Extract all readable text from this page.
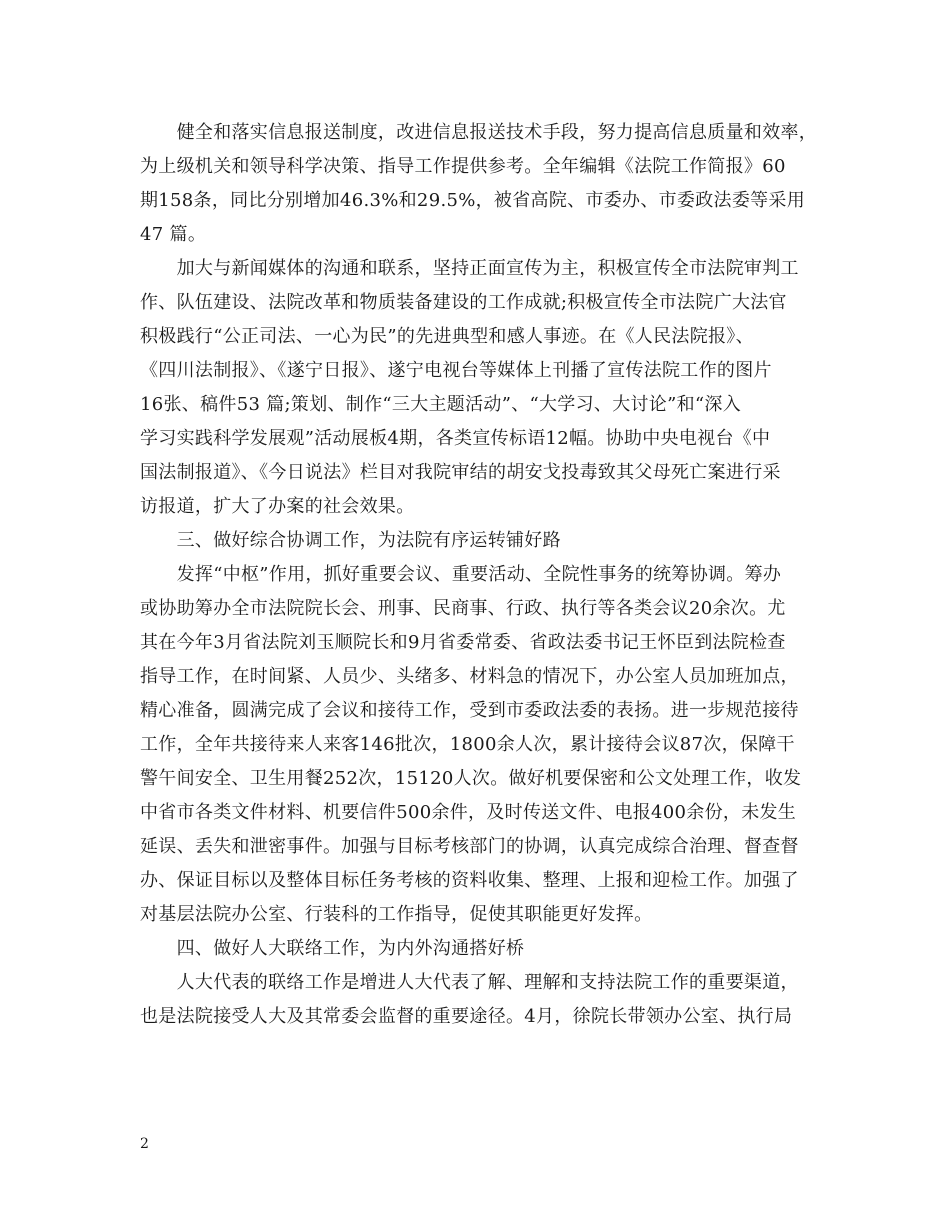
　　健全和落实信息报送制度，改进信息报送技术手段，努力提高信息质量和效率，
为上级机关和领导科学决策、指导工作提供参考。全年编辑《法院工作简报》60
期158条，同比分别增加46.3%和29.5%，被省高院、市委办、市委政法委等采用
47 篇。
　　加大与新闻媒体的沟通和联系，坚持正面宣传为主，积极宣传全市法院审判工
作、队伍建设、法院改革和物质装备建设的工作成就;积极宣传全市法院广大法官
积极践行“公正司法、一心为民”的先进典型和感人事迹。在《人民法院报》、
《四川法制报》、《遂宁日报》、遂宁电视台等媒体上刊播了宣传法院工作的图片
16张、稿件53 篇;策划、制作“三大主题活动”、“大学习、大讨论”和“深入
学习实践科学发展观”活动展板4期，各类宣传标语12幅。协助中央电视台《中
国法制报道》、《今日说法》栏目对我院审结的胡安戈投毒致其父母死亡案进行采
访报道，扩大了办案的社会效果。
　　三、做好综合协调工作，为法院有序运转铺好路
　　发挥“中枢”作用，抓好重要会议、重要活动、全院性事务的统筹协调。筹办
或协助筹办全市法院院长会、刑事、民商事、行政、执行等各类会议20余次。尤
其在今年3月省法院刘玉顺院长和9月省委常委、省政法委书记王怀臣到法院检查
指导工作，在时间紧、人员少、头绪多、材料急的情况下，办公室人员加班加点，
精心准备，圆满完成了会议和接待工作，受到市委政法委的表扬。进一步规范接待
工作，全年共接待来人来客146批次，1800余人次，累计接待会议87次，保障干
警午间安全、卫生用餐252次，15120人次。做好机要保密和公文处理工作，收发
中省市各类文件材料、机要信件500余件，及时传送文件、电报400余份，未发生
延误、丢失和泄密事件。加强与目标考核部门的协调，认真完成综合治理、督查督
办、保证目标以及整体目标任务考核的资料收集、整理、上报和迎检工作。加强了
对基层法院办公室、行装科的工作指导，促使其职能更好发挥。
　　四、做好人大联络工作，为内外沟通搭好桥
　　人大代表的联络工作是增进人大代表了解、理解和支持法院工作的重要渠道，
也是法院接受人大及其常委会监督的重要途径。4月，徐院长带领办公室、执行局
2
